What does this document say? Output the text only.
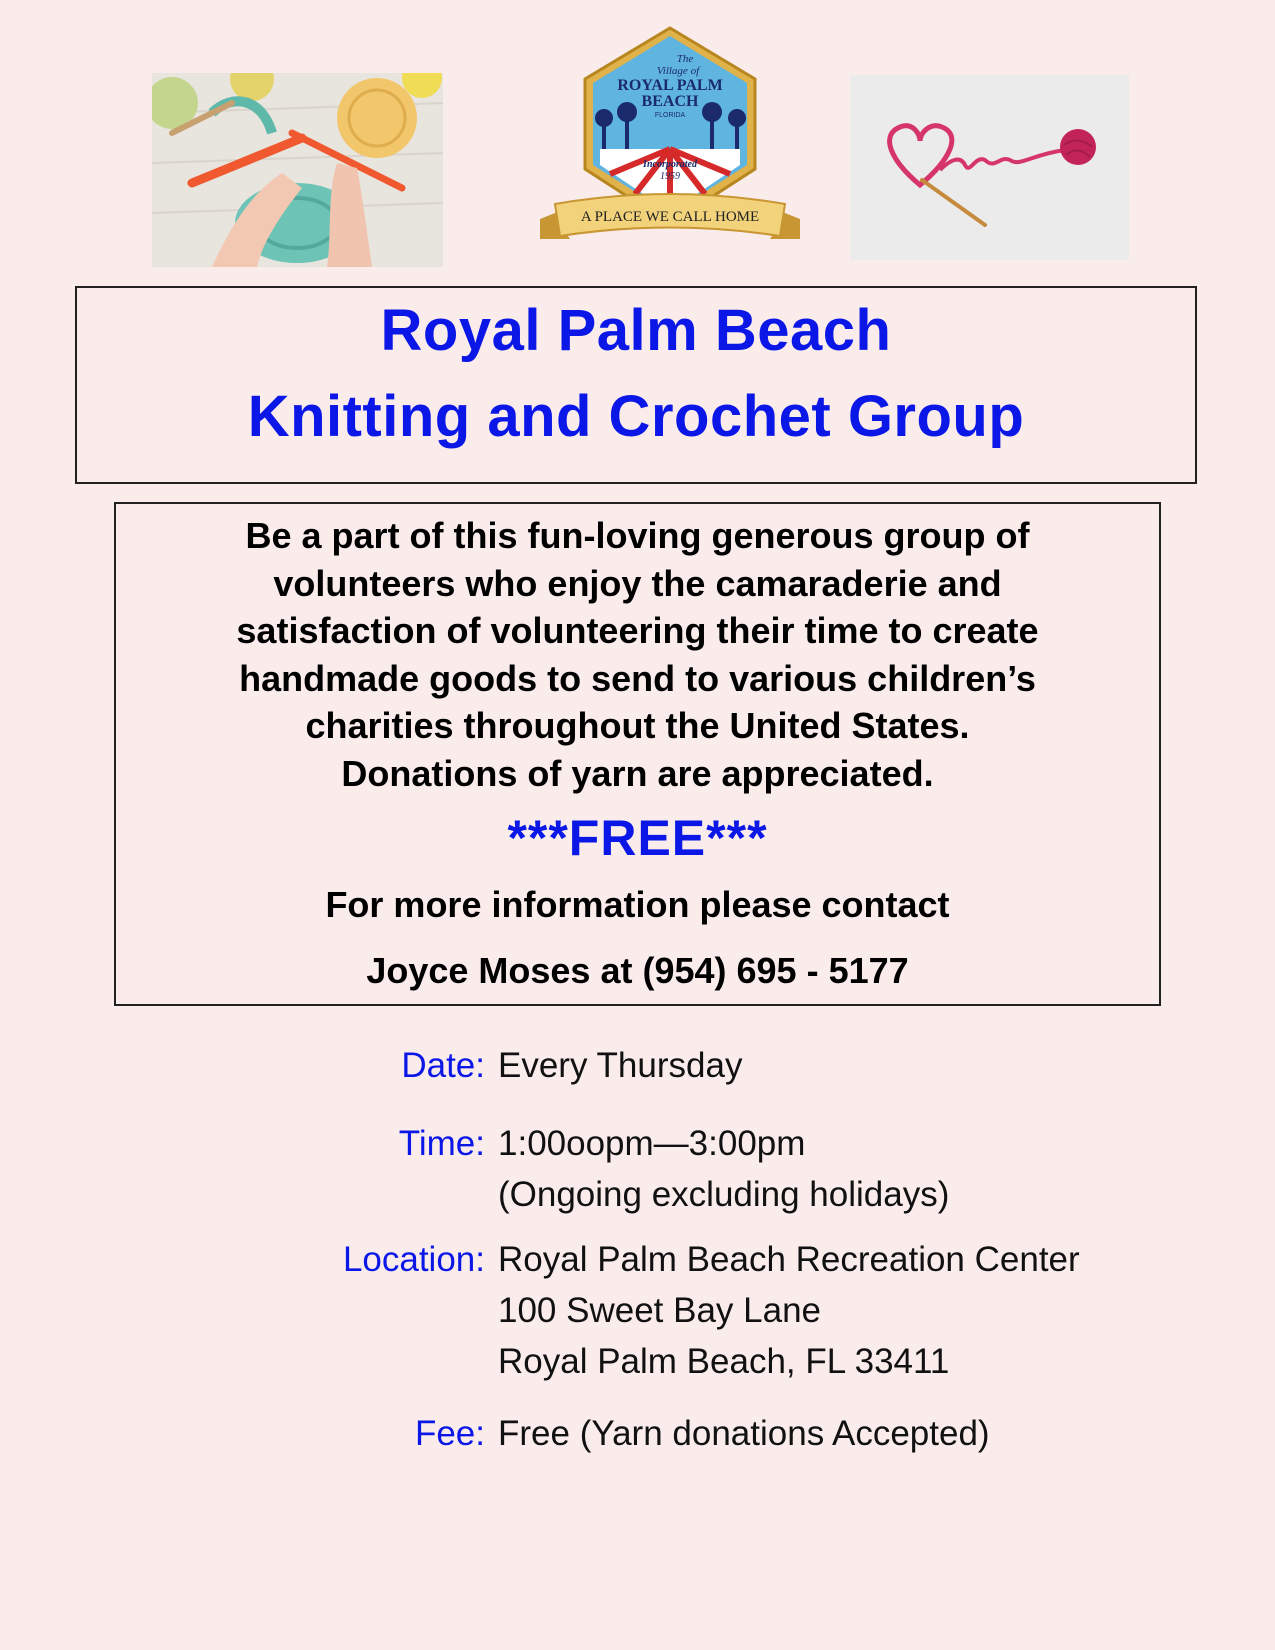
The
Village of
ROYAL PALM
BEACH
FLORIDA
Incorporated
1959
A PLACE WE CALL HOME
Royal Palm Beach
Knitting and Crochet Group
Be a part of this fun-loving generous group of
volunteers who enjoy the camaraderie and
satisfaction of volunteering their time to create
handmade goods to send to various children’s
charities throughout the United States.
Donations of yarn are appreciated.
***FREE***
For more information please contact
Joyce Moses at (954) 695 - 5177
Date: Every Thursday
Time: 1:00oopm—3:00pm
(Ongoing excluding holidays)
Location: Royal Palm Beach Recreation Center
100 Sweet Bay Lane
Royal Palm Beach, FL 33411
Fee: Free (Yarn donations Accepted)
